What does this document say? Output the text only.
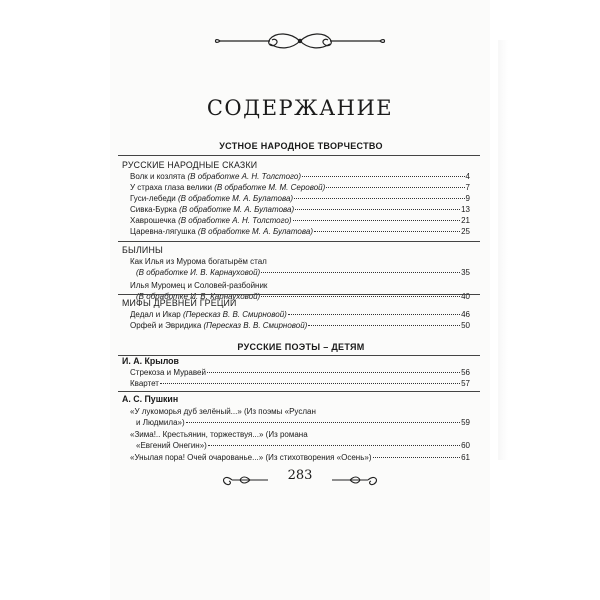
СОДЕРЖАНИЕ
УСТНОЕ НАРОДНОЕ ТВОРЧЕСТВО
РУССКИЕ НАРОДНЫЕ СКАЗКИ
Волк и козлята (В обработке А. Н. Толстого)	4
У страха глаза велики (В обработке М. М. Серовой)	7
Гуси-лебеди (В обработке М. А. Булатова)	9
Сивка-Бурка (В обработке М. А. Булатова)	13
Хаврошечка (В обработке А. Н. Толстого)	21
Царевна-лягушка (В обработке М. А. Булатова)	25
БЫЛИНЫ
Как Илья из Мурома богатырём стал
(В обработке И. В. Карнауховой)	35
Илья Муромец и Соловей-разбойник
(В обработке И. В. Карнауховой)	40
МИФЫ ДРЕВНЕЙ ГРЕЦИИ
Дедал и Икар (Пересказ В. В. Смирновой)	46
Орфей и Эвридика (Пересказ В. В. Смирновой)	50
РУССКИЕ ПОЭТЫ – ДЕТЯМ
И. А. Крылов
Стрекоза и Муравей	56
Квартет	57
А. С. Пушкин
«У лукоморья дуб зелёный...» (Из поэмы «Руслан
и Людмила»)	59
«Зима!.. Крестьянин, торжествуя...» (Из романа
«Евгений Онегин»)	60
«Унылая пора! Очей очарованье...» (Из стихотворения «Осень»)	61
283
